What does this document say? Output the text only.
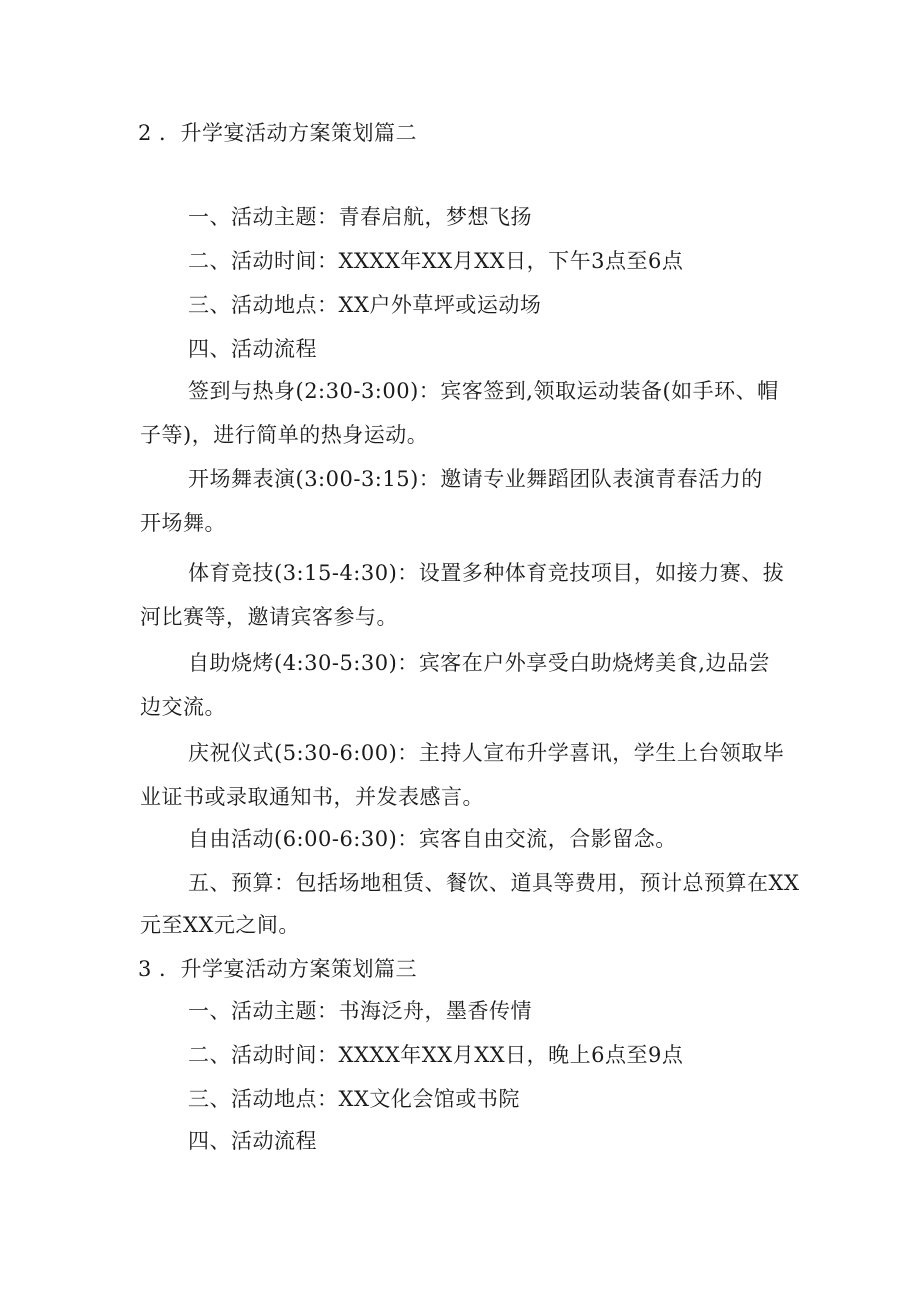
2 ．升学宴活动方案策划篇二
一、活动主题：青春启航，梦想飞扬
二、活动时间：XXXX年XX月XX日，下午3点至6点
三、活动地点：XX户外草坪或运动场
四、活动流程
签到与热身(2:30-3:00)：宾客签到,领取运动装备(如手环、帽
子等)，进行简单的热身运动。
开场舞表演(3:00-3:15)：邀请专业舞蹈团队表演青春活力的
开场舞。
体育竞技(3:15-4:30)：设置多种体育竞技项目，如接力赛、拔
河比赛等，邀请宾客参与。
自助烧烤(4:30-5:30)：宾客在户外享受白助烧烤美食,边品尝
边交流。
庆祝仪式(5:30-6:00)：主持人宣布升学喜讯，学生上台领取毕
业证书或录取通知书，并发表感言。
自由活动(6:00-6:30)：宾客自由交流，合影留念。
五、预算：包括场地租赁、餐饮、道具等费用，预计总预算在XX
元至XX元之间。
3 ．升学宴活动方案策划篇三
一、活动主题：书海泛舟，墨香传情
二、活动时间：XXXX年XX月XX日，晚上6点至9点
三、活动地点：XX文化会馆或书院
四、活动流程
